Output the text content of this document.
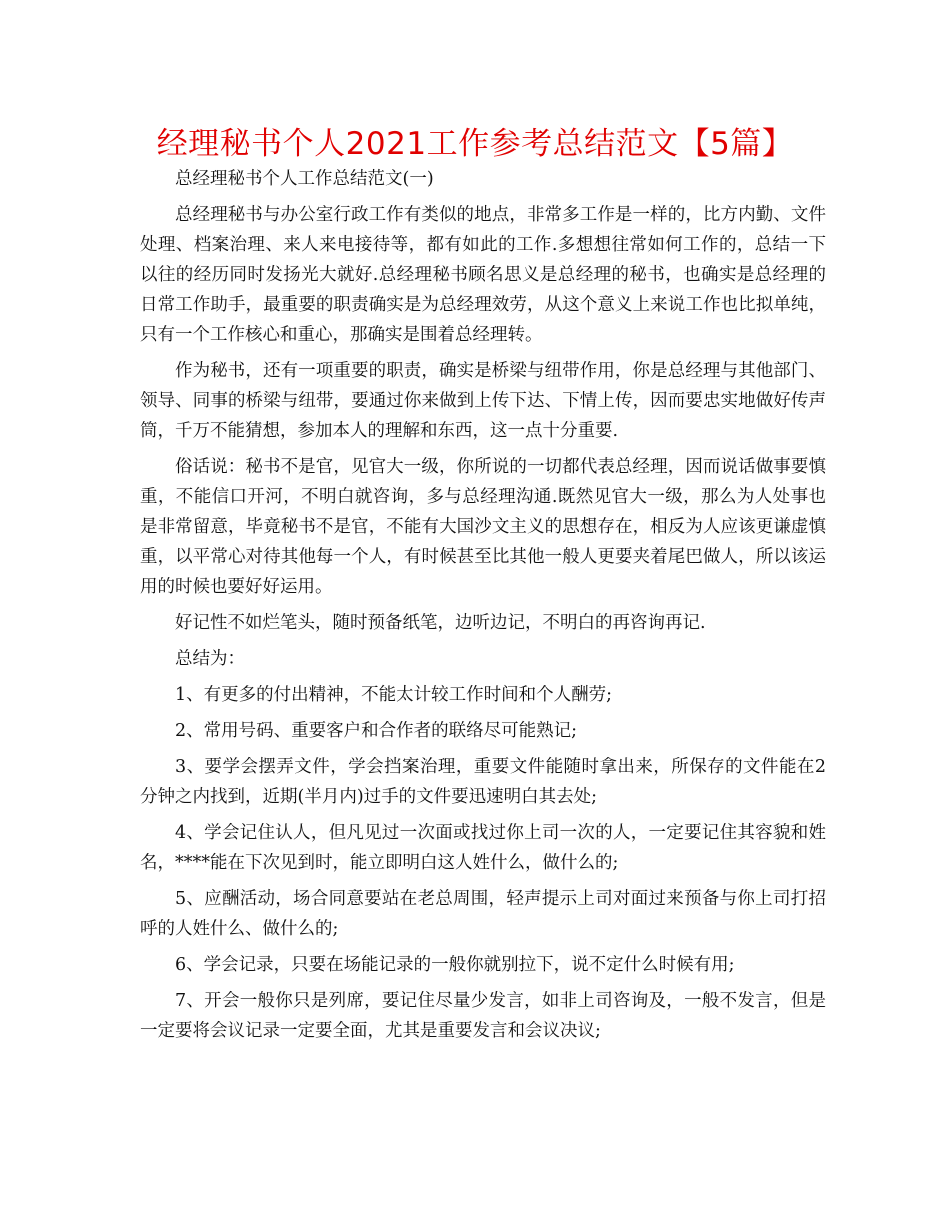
经理秘书个人2021工作参考总结范文【5篇】

总经理秘书个人工作总结范文(一)

总经理秘书与办公室行政工作有类似的地点，非常多工作是一样的，比方内勤、文件处理、档案治理、来人来电接待等，都有如此的工作.多想想往常如何工作的，总结一下以往的经历同时发扬光大就好.总经理秘书顾名思义是总经理的秘书，也确实是总经理的日常工作助手，最重要的职责确实是为总经理效劳，从这个意义上来说工作也比拟单纯，只有一个工作核心和重心，那确实是围着总经理转。

作为秘书，还有一项重要的职责，确实是桥梁与纽带作用，你是总经理与其他部门、领导、同事的桥梁与纽带，要通过你来做到上传下达、下情上传，因而要忠实地做好传声筒，千万不能猜想，参加本人的理解和东西，这一点十分重要.

俗话说：秘书不是官，见官大一级，你所说的一切都代表总经理，因而说话做事要慎重，不能信口开河，不明白就咨询，多与总经理沟通.既然见官大一级，那么为人处事也是非常留意，毕竟秘书不是官，不能有大国沙文主义的思想存在，相反为人应该更谦虚慎重，以平常心对待其他每一个人，有时候甚至比其他一般人更要夹着尾巴做人，所以该运用的时候也要好好运用。

好记性不如烂笔头，随时预备纸笔，边听边记，不明白的再咨询再记.

总结为：

1、有更多的付出精神，不能太计较工作时间和个人酬劳;

2、常用号码、重要客户和合作者的联络尽可能熟记;

3、要学会摆弄文件，学会挡案治理，重要文件能随时拿出来，所保存的文件能在2分钟之内找到，近期(半月内)过手的文件要迅速明白其去处;

4、学会记住认人，但凡见过一次面或找过你上司一次的人，一定要记住其容貌和姓名，****能在下次见到时，能立即明白这人姓什么，做什么的;

5、应酬活动，场合同意要站在老总周围，轻声提示上司对面过来预备与你上司打招呼的人姓什么、做什么的;

6、学会记录，只要在场能记录的一般你就别拉下，说不定什么时候有用;

7、开会一般你只是列席，要记住尽量少发言，如非上司咨询及，一般不发言，但是一定要将会议记录一定要全面，尤其是重要发言和会议决议;
